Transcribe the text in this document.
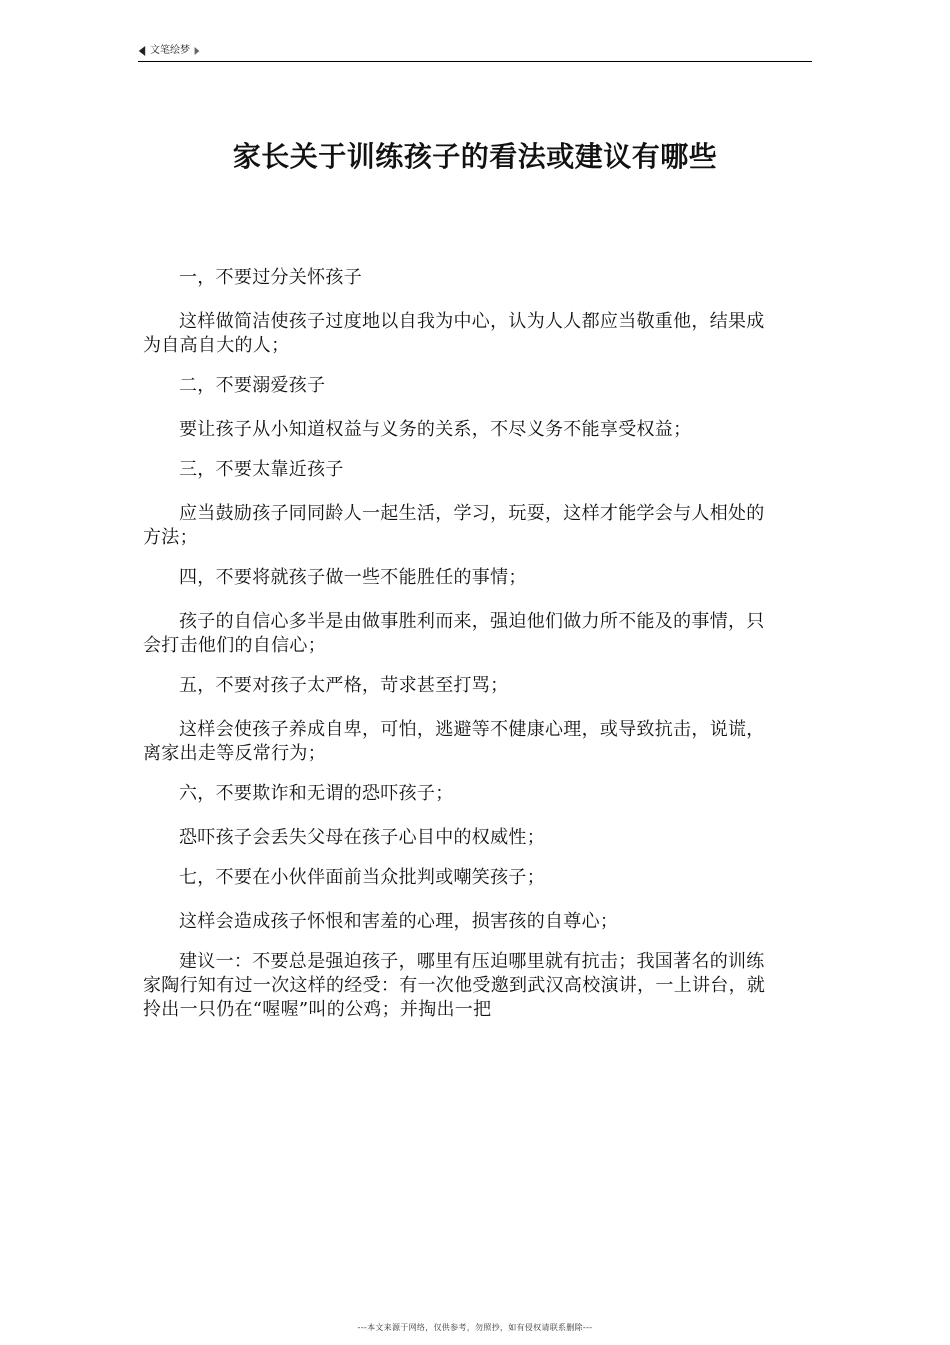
文笔绘梦
家长关于训练孩子的看法或建议有哪些

一，不要过分关怀孩子

这样做简洁使孩子过度地以自我为中心，认为人人都应当敬重他，结果成为自高自大的人；

二，不要溺爱孩子

要让孩子从小知道权益与义务的关系，不尽义务不能享受权益；

三，不要太靠近孩子

应当鼓励孩子同同龄人一起生活，学习，玩耍，这样才能学会与人相处的方法；

四，不要将就孩子做一些不能胜任的事情；

孩子的自信心多半是由做事胜利而来，强迫他们做力所不能及的事情，只会打击他们的自信心；

五，不要对孩子太严格，苛求甚至打骂；

这样会使孩子养成自卑，可怕，逃避等不健康心理，或导致抗击，说谎，离家出走等反常行为；

六，不要欺诈和无谓的恐吓孩子；

恐吓孩子会丢失父母在孩子心目中的权威性；

七，不要在小伙伴面前当众批判或嘲笑孩子；

这样会造成孩子怀恨和害羞的心理，损害孩的自尊心；

建议一：不要总是强迫孩子，哪里有压迫哪里就有抗击；我国著名的训练家陶行知有过一次这样的经受：有一次他受邀到武汉高校演讲，一上讲台，就拎出一只仍在“喔喔”叫的公鸡；并掏出一把

---本文来源于网络，仅供参考，勿照抄，如有侵权请联系删除---
